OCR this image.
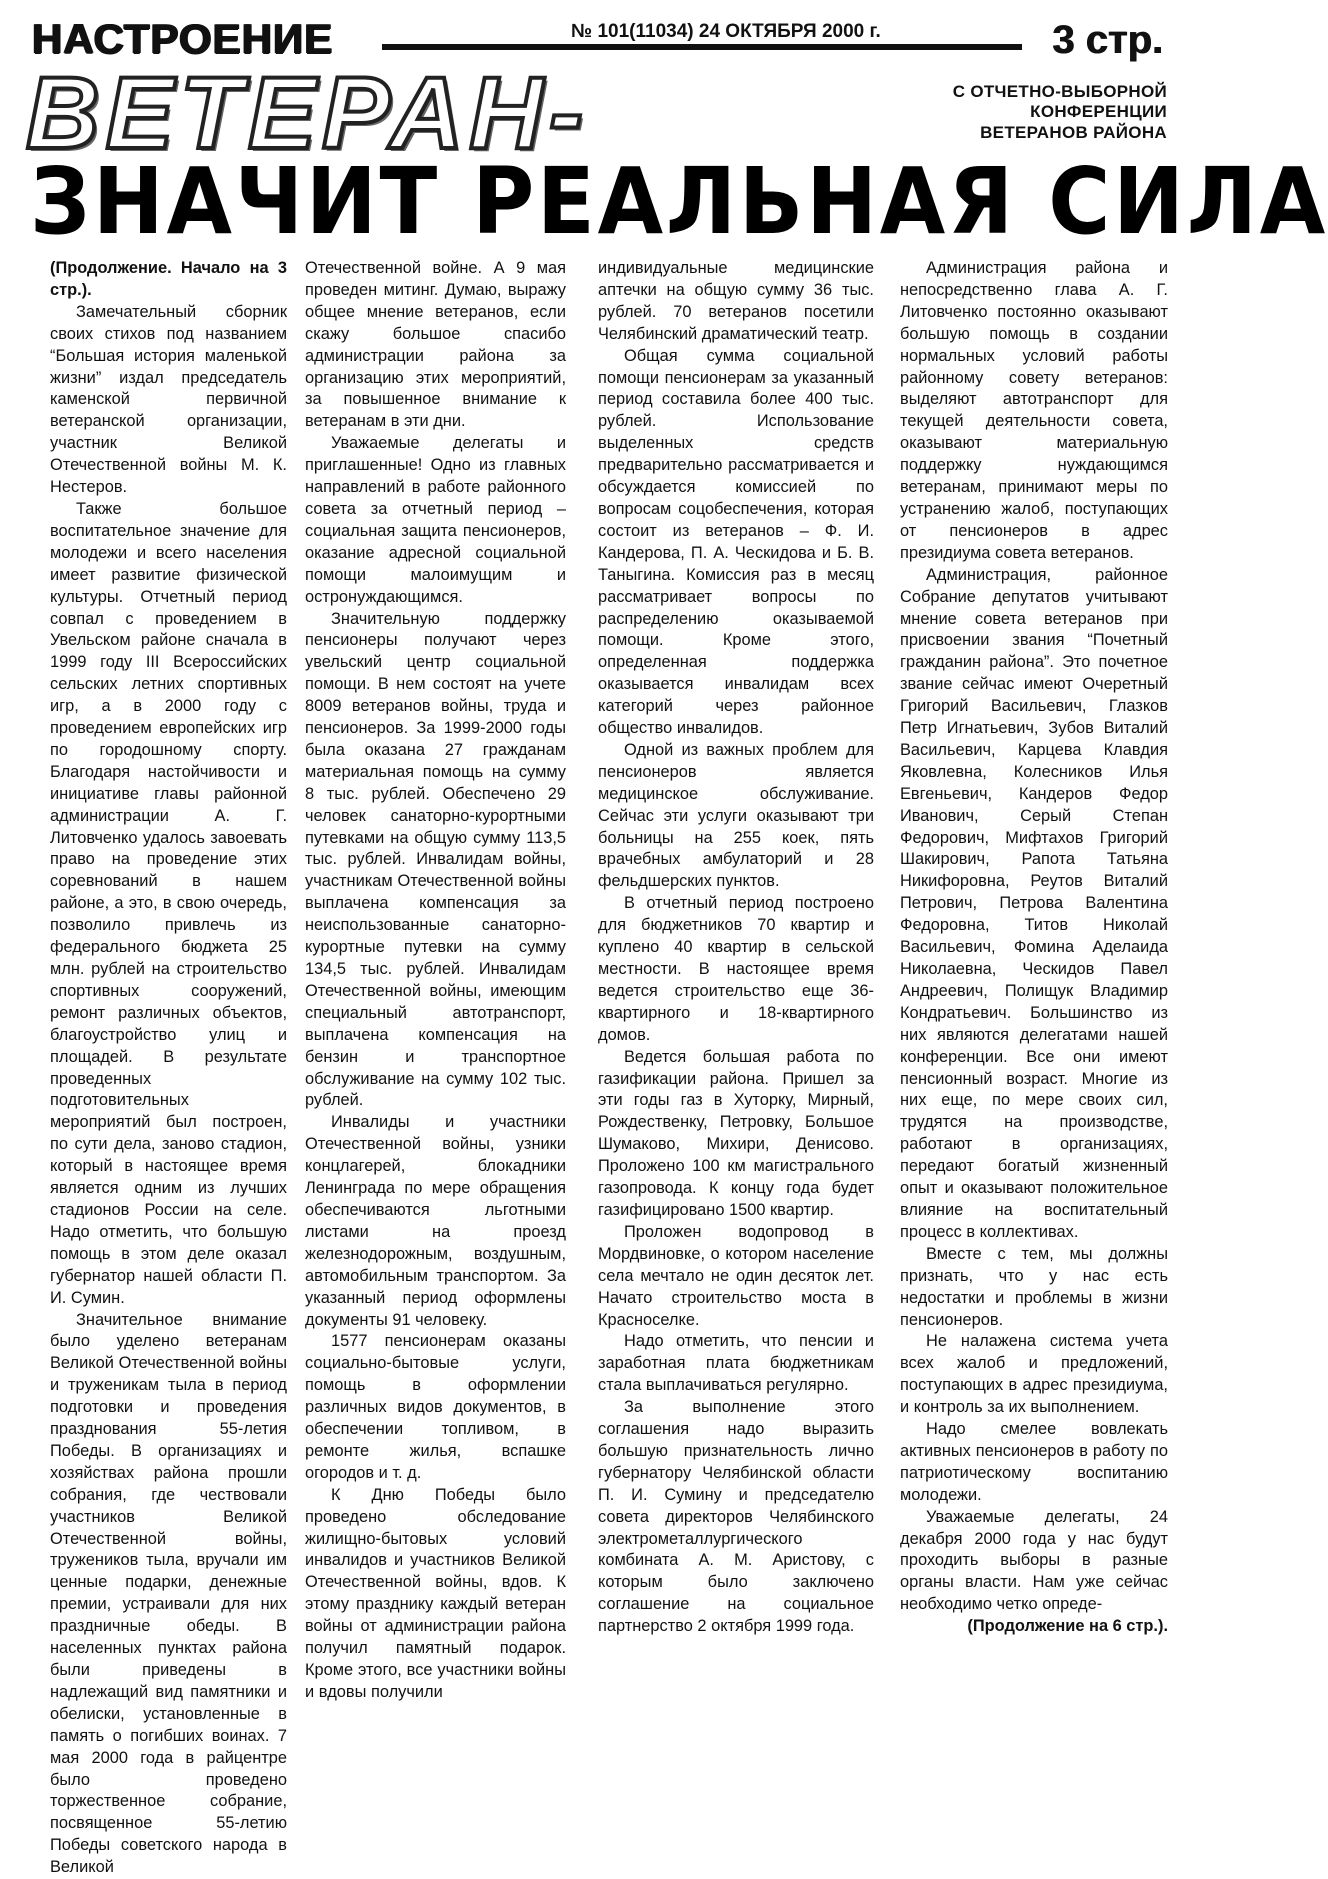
НАСТРОЕНИЕ	№ 101(11034) 24 ОКТЯБРЯ 2000 г.	3 стр.
ВЕТЕРАН-	С ОТЧЕТНО-ВЫБОРНОЙ
КОНФЕРЕНЦИИ
ВЕТЕРАНОВ РАЙОНА
ЗНАЧИТ РЕАЛЬНАЯ СИЛА

(Продолжение. Начало на 3 стр.).

Замечательный сборник своих стихов под названием “Большая история маленькой жизни” издал председатель каменской первичной ветеранской организации, участник Великой Отечественной войны М. К. Нестеров.

Также большое воспитательное значение для молодежи и всего населения имеет развитие физической культуры. Отчетный период совпал с проведением в Увельском районе сначала в 1999 году III Всероссийских сельских летних спортивных игр, а в 2000 году с проведением европейских игр по городошному спорту. Благодаря настойчивости и инициативе главы районной администрации А. Г. Литовченко удалось завоевать право на проведение этих соревнований в нашем районе, а это, в свою очередь, позволило привлечь из федерального бюджета 25 млн. рублей на строительство спортивных сооружений, ремонт различных объектов, благоустройство улиц и площадей. В результате проведенных подготовительных мероприятий был построен, по сути дела, заново стадион, который в настоящее время является одним из лучших стадионов России на селе. Надо отметить, что большую помощь в этом деле оказал губернатор нашей области П. И. Сумин.

Значительное внимание было уделено ветеранам Великой Отечественной войны и труженикам тыла в период подготовки и проведения празднования 55-летия Победы. В организациях и хозяйствах района прошли собрания, где чествовали участников Великой Отечественной войны, тружеников тыла, вручали им ценные подарки, денежные премии, устраивали для них праздничные обеды. В населенных пунктах района были приведены в надлежащий вид памятники и обелиски, установленные в память о погибших воинах. 7 мая 2000 года в райцентре было проведено торжественное собрание, посвященное 55-летию Победы советского народа в Великой

Отечественной войне. А 9 мая проведен митинг. Думаю, выражу общее мнение ветеранов, если скажу большое спасибо администрации района за организацию этих мероприятий, за повышенное внимание к ветеранам в эти дни.

Уважаемые делегаты и приглашенные! Одно из главных направлений в работе районного совета за отчетный период – социальная защита пенсионеров, оказание адресной социальной помощи малоимущим и остронуждающимся.

Значительную поддержку пенсионеры получают через увельский центр социальной помощи. В нем состоят на учете 8009 ветеранов войны, труда и пенсионеров. За 1999-2000 годы была оказана 27 гражданам материальная помощь на сумму 8 тыс. рублей. Обеспечено 29 человек санаторно-курортными путевками на общую сумму 113,5 тыс. рублей. Инвалидам войны, участникам Отечественной войны выплачена компенсация за неиспользованные санаторно-курортные путевки на сумму 134,5 тыс. рублей. Инвалидам Отечественной войны, имеющим специальный автотранспорт, выплачена компенсация на бензин и транспортное обслуживание на сумму 102 тыс. рублей.

Инвалиды и участники Отечественной войны, узники концлагерей, блокадники Ленинграда по мере обращения обеспечиваются льготными листами на проезд железнодорожным, воздушным, автомобильным транспортом. За указанный период оформлены документы 91 человеку.

1577 пенсионерам оказаны социально-бытовые услуги, помощь в оформлении различных видов документов, в обеспечении топливом, в ремонте жилья, вспашке огородов и т. д.

К Дню Победы было проведено обследование жилищно-бытовых условий инвалидов и участников Великой Отечественной войны, вдов. К этому празднику каждый ветеран войны от администрации района получил памятный подарок. Кроме этого, все участники войны и вдовы получили

индивидуальные медицинские аптечки на общую сумму 36 тыс. рублей. 70 ветеранов посетили Челябинский драматический театр.

Общая сумма социальной помощи пенсионерам за указанный период составила более 400 тыс. рублей. Использование выделенных средств предварительно рассматривается и обсуждается комиссией по вопросам соцобеспечения, которая состоит из ветеранов – Ф. И. Кандерова, П. А. Ческидова и Б. В. Таныгина. Комиссия раз в месяц рассматривает вопросы по распределению оказываемой помощи. Кроме этого, определенная поддержка оказывается инвалидам всех категорий через районное общество инвалидов.

Одной из важных проблем для пенсионеров является медицинское обслуживание. Сейчас эти услуги оказывают три больницы на 255 коек, пять врачебных амбулаторий и 28 фельдшерских пунктов.

В отчетный период построено для бюджетников 70 квартир и куплено 40 квартир в сельской местности. В настоящее время ведется строительство еще 36-квартирного и 18-квартирного домов.

Ведется большая работа по газификации района. Пришел за эти годы газ в Хуторку, Мирный, Рождественку, Петровку, Большое Шумаково, Михири, Денисово. Проложено 100 км магистрального газопровода. К концу года будет газифицировано 1500 квартир.

Проложен водопровод в Мордвиновке, о котором население села мечтало не один десяток лет. Начато строительство моста в Красноселке.

Надо отметить, что пенсии и заработная плата бюджетникам стала выплачиваться регулярно.

За выполнение этого соглашения надо выразить большую признательность лично губернатору Челябинской области П. И. Сумину и председателю совета директоров Челябинского электрометаллургического комбината А. М. Аристову, с которым было заключено соглашение на социальное партнерство 2 октября 1999 года.

Администрация района и непосредственно глава А. Г. Литовченко постоянно оказывают большую помощь в создании нормальных условий работы районному совету ветеранов: выделяют автотранспорт для текущей деятельности совета, оказывают материальную поддержку нуждающимся ветеранам, принимают меры по устранению жалоб, поступающих от пенсионеров в адрес президиума совета ветеранов.

Администрация, районное Собрание депутатов учитывают мнение совета ветеранов при присвоении звания “Почетный гражданин района”. Это почетное звание сейчас имеют Очеретный Григорий Васильевич, Глазков Петр Игнатьевич, Зубов Виталий Васильевич, Карцева Клавдия Яковлевна, Колесников Илья Евгеньевич, Кандеров Федор Иванович, Серый Степан Федорович, Мифтахов Григорий Шакирович, Рапота Татьяна Никифоровна, Реутов Виталий Петрович, Петрова Валентина Федоровна, Титов Николай Васильевич, Фомина Аделаида Николаевна, Ческидов Павел Андреевич, Полищук Владимир Кондратьевич. Большинство из них являются делегатами нашей конференции. Все они имеют пенсионный возраст. Многие из них еще, по мере своих сил, трудятся на производстве, работают в организациях, передают богатый жизненный опыт и оказывают положительное влияние на воспитательный процесс в коллективах.

Вместе с тем, мы должны признать, что у нас есть недостатки и проблемы в жизни пенсионеров.

Не налажена система учета всех жалоб и предложений, поступающих в адрес президиума, и контроль за их выполнением.

Надо смелее вовлекать активных пенсионеров в работу по патриотическому воспитанию молодежи.

Уважаемые делегаты, 24 декабря 2000 года у нас будут проходить выборы в разные органы власти. Нам уже сейчас необходимо четко опреде-

(Продолжение на 6 стр.).
